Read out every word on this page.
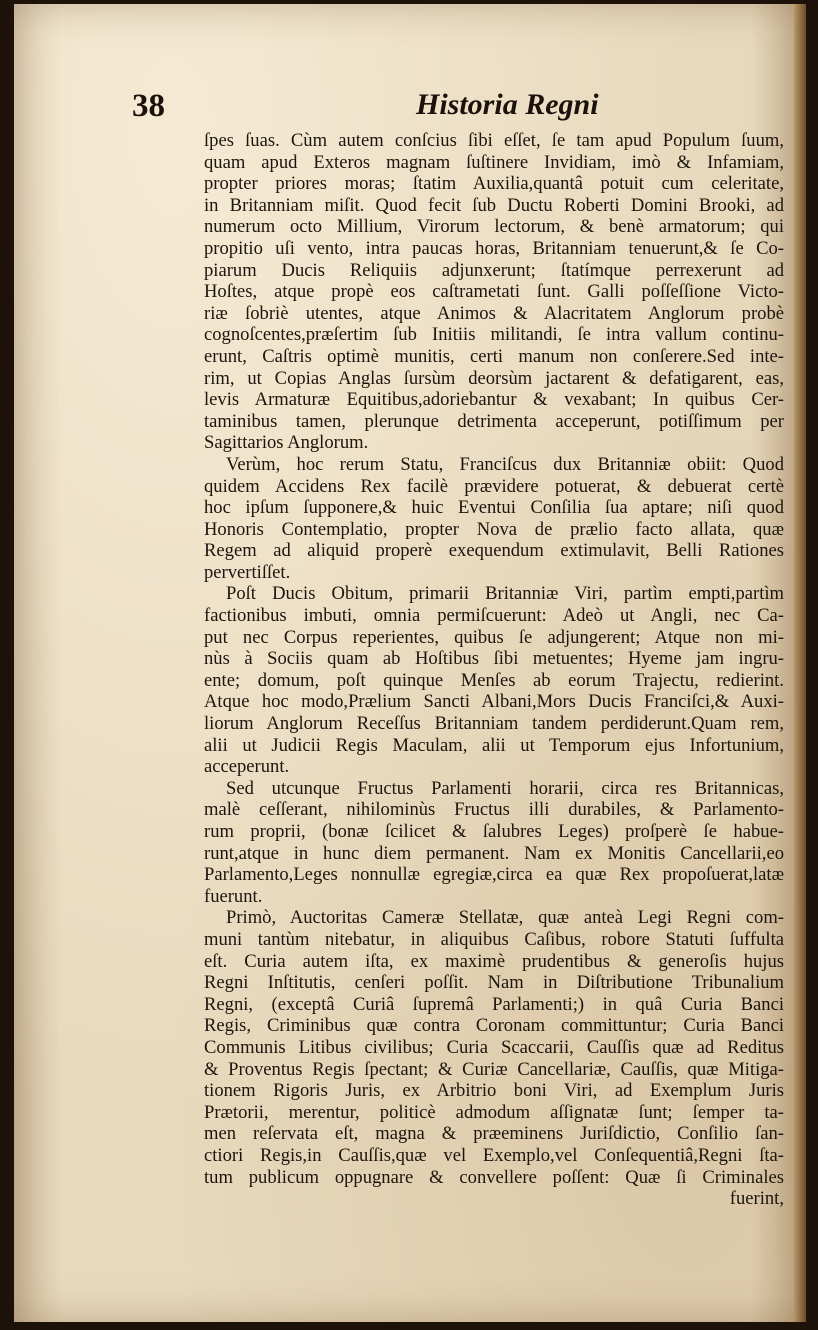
38	Historia Regni
ſpes ſuas. Cùm autem conſcius ſibi eſſet, ſe tam apud Populum ſuum,
quam apud Exteros magnam ſuſtinere Invidiam, imò & Infamiam,
propter priores moras; ſtatim Auxilia,quantâ potuit cum celeritate,
in Britanniam miſit. Quod fecit ſub Ductu Roberti Domini Brooki, ad
numerum octo Millium, Virorum lectorum, & benè armatorum; qui
propitio uſi vento, intra paucas horas, Britanniam tenuerunt,& ſe Co-
piarum Ducis Reliquiis adjunxerunt; ſtatímque perrexerunt ad
Hoſtes, atque propè eos caſtrametati ſunt. Galli poſſeſſione Victo-
riæ ſobriè utentes, atque Animos & Alacritatem Anglorum probè
cognoſcentes,præſertim ſub Initiis militandi, ſe intra vallum continu-
erunt, Caſtris optimè munitis, certi manum non conſerere.Sed inte-
rim, ut Copias Anglas ſursùm deorsùm jactarent & defatigarent, eas,
levis Armaturæ Equitibus,adoriebantur & vexabant; In quibus Cer-
taminibus tamen, plerunque detrimenta acceperunt, potiſſimum per
Sagittarios Anglorum.
Verùm, hoc rerum Statu, Franciſcus dux Britanniæ obiit: Quod
quidem Accidens Rex facilè prævidere potuerat, & debuerat certè
hoc ipſum ſupponere,& huic Eventui Conſilia ſua aptare; niſi quod
Honoris Contemplatio, propter Nova de prælio facto allata, quæ
Regem ad aliquid properè exequendum extimulavit, Belli Rationes
pervertiſſet.
Poſt Ducis Obitum, primarii Britanniæ Viri, partìm empti,partìm
factionibus imbuti, omnia permiſcuerunt: Adeò ut Angli, nec Ca-
put nec Corpus reperientes, quibus ſe adjungerent; Atque non mi-
nùs à Sociis quam ab Hoſtibus ſibi metuentes; Hyeme jam ingru-
ente; domum, poſt quinque Menſes ab eorum Trajectu, redierint.
Atque hoc modo,Prælium Sancti Albani,Mors Ducis Franciſci,& Auxi-
liorum Anglorum Receſſus Britanniam tandem perdiderunt.Quam rem,
alii ut Judicii Regis Maculam, alii ut Temporum ejus Infortunium,
acceperunt.
Sed utcunque Fructus Parlamenti horarii, circa res Britannicas,
malè ceſſerant, nihilominùs Fructus illi durabiles, & Parlamento-
rum proprii, (bonæ ſcilicet & ſalubres Leges) proſperè ſe habue-
runt,atque in hunc diem permanent. Nam ex Monitis Cancellarii,eo
Parlamento,Leges nonnullæ egregiæ,circa ea quæ Rex propoſuerat,latæ
fuerunt.
Primò, Auctoritas Cameræ Stellatæ, quæ anteà Legi Regni com-
muni tantùm nitebatur, in aliquibus Caſibus, robore Statuti ſuffulta
eſt. Curia autem iſta, ex maximè prudentibus & generoſis hujus
Regni Inſtitutis, cenſeri poſſit. Nam in Diſtributione Tribunalium
Regni, (exceptâ Curiâ ſupremâ Parlamenti;) in quâ Curia Banci
Regis, Criminibus quæ contra Coronam committuntur; Curia Banci
Communis Litibus civilibus; Curia Scaccarii, Cauſſis quæ ad Reditus
& Proventus Regis ſpectant; & Curiæ Cancellariæ, Cauſſis, quæ Mitiga-
tionem Rigoris Juris, ex Arbitrio boni Viri, ad Exemplum Juris
Prætorii, merentur, politicè admodum aſſignatæ ſunt; ſemper ta-
men reſervata eſt, magna & præeminens Juriſdictio, Conſilio ſan-
ctiori Regis,in Cauſſis,quæ vel Exemplo,vel Conſequentiâ,Regni ſta-
tum publicum oppugnare & convellere poſſent: Quæ ſi Criminales
fuerint,
